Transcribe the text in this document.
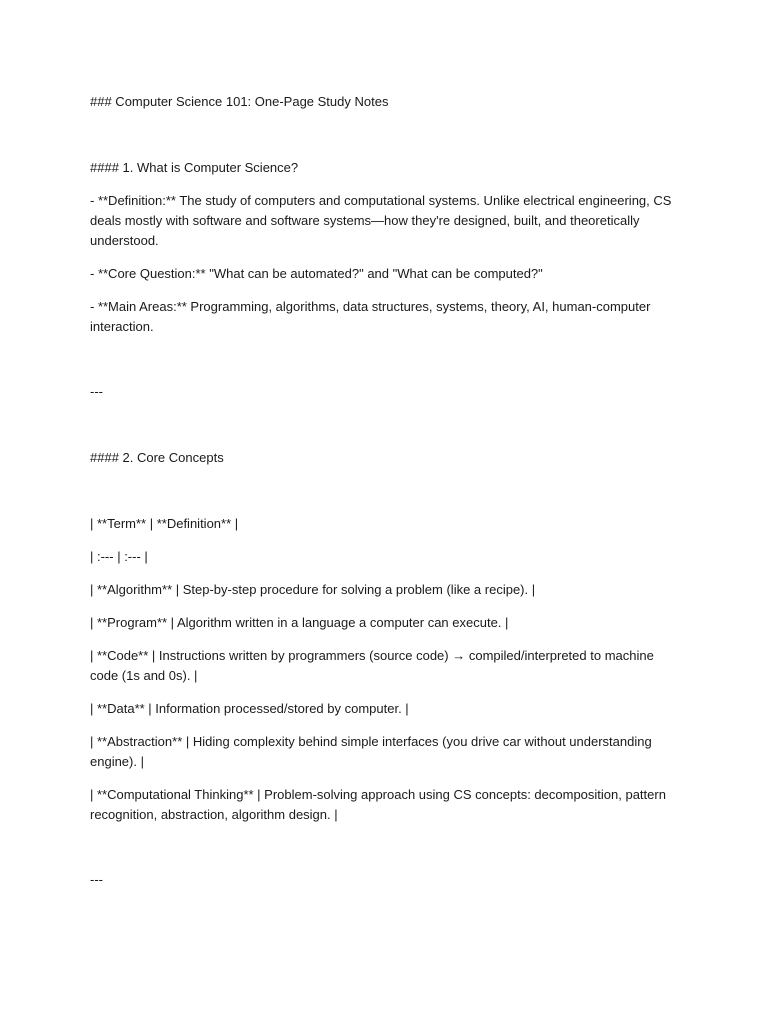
### Computer Science 101: One-Page Study Notes

#### 1. What is Computer Science?

- **Definition:** The study of computers and computational systems. Unlike electrical engineering, CS deals mostly with software and software systems—how they're designed, built, and theoretically understood.

- **Core Question:** "What can be automated?" and "What can be computed?"

- **Main Areas:** Programming, algorithms, data structures, systems, theory, AI, human-computer interaction.

---

#### 2. Core Concepts

| **Term** | **Definition** |

| :--- | :--- |

| **Algorithm** | Step-by-step procedure for solving a problem (like a recipe). |

| **Program** | Algorithm written in a language a computer can execute. |

| **Code** | Instructions written by programmers (source code) → compiled/interpreted to machine code (1s and 0s). |

| **Data** | Information processed/stored by computer. |

| **Abstraction** | Hiding complexity behind simple interfaces (you drive car without understanding engine). |

| **Computational Thinking** | Problem-solving approach using CS concepts: decomposition, pattern recognition, abstraction, algorithm design. |

---
